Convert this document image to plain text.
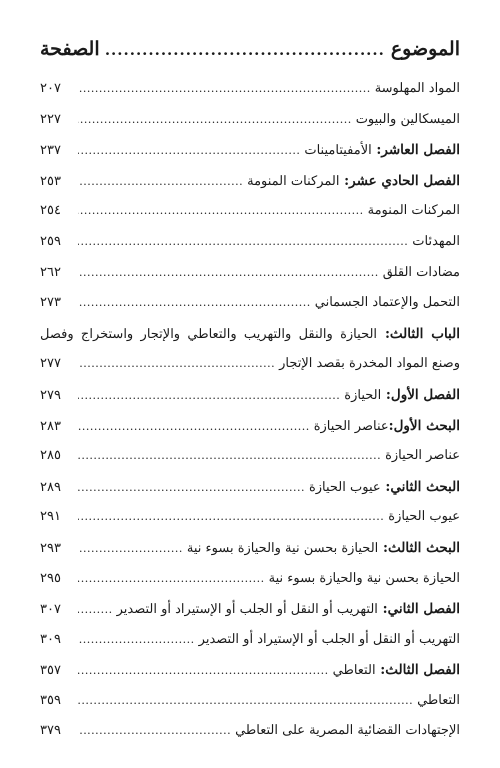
الموضوع
.....
الصفحة
المواد المهلوسة
.....
٢٠٧
الميسكالين والبيوت
.....
٢٢٧
الفصل العاشر: الأمفيتامينات
.....
٢٣٧
الفصل الحادي عشر: المركنات المنومة
.....
٢٥٣
المركنات المنومة
.....
٢٥٤
المهدئات
.....
٢٥٩
مضادات القلق
.....
٢٦٢
التحمل والإعتماد الجسماني
.....
٢٧٣
الباب الثالث: الحيازة والنقل والتهريب والتعاطي والإتجار واستخراج وفصل
وصنع المواد المخدرة بقصد الإتجار
.....
٢٧٧
الفصل الأول: الحيازة
.....
٢٧٩
البحث الأول:عناصر الحيازة
.....
٢٨٣
عناصر الحيازة
.....
٢٨٥
البحث الثاني: عيوب الحيازة
.....
٢٨٩
عيوب الحيازة
.....
٢٩١
البحث الثالث: الحيازة بحسن نية والحيازة بسوء نية
.....
٢٩٣
الحيازة بحسن نية والحيازة بسوء نية
.....
٢٩٥
الفصل الثاني: التهريب أو النقل أو الجلب أو الإستيراد أو التصدير
.....
٣٠٧
التهريب أو النقل أو الجلب أو الإستيراد أو التصدير
.....
٣٠٩
الفصل الثالث: التعاطي
.....
٣٥٧
التعاطي
.....
٣٥٩
الإجتهادات القضائية المصرية على التعاطي
.....
٣٧٩
